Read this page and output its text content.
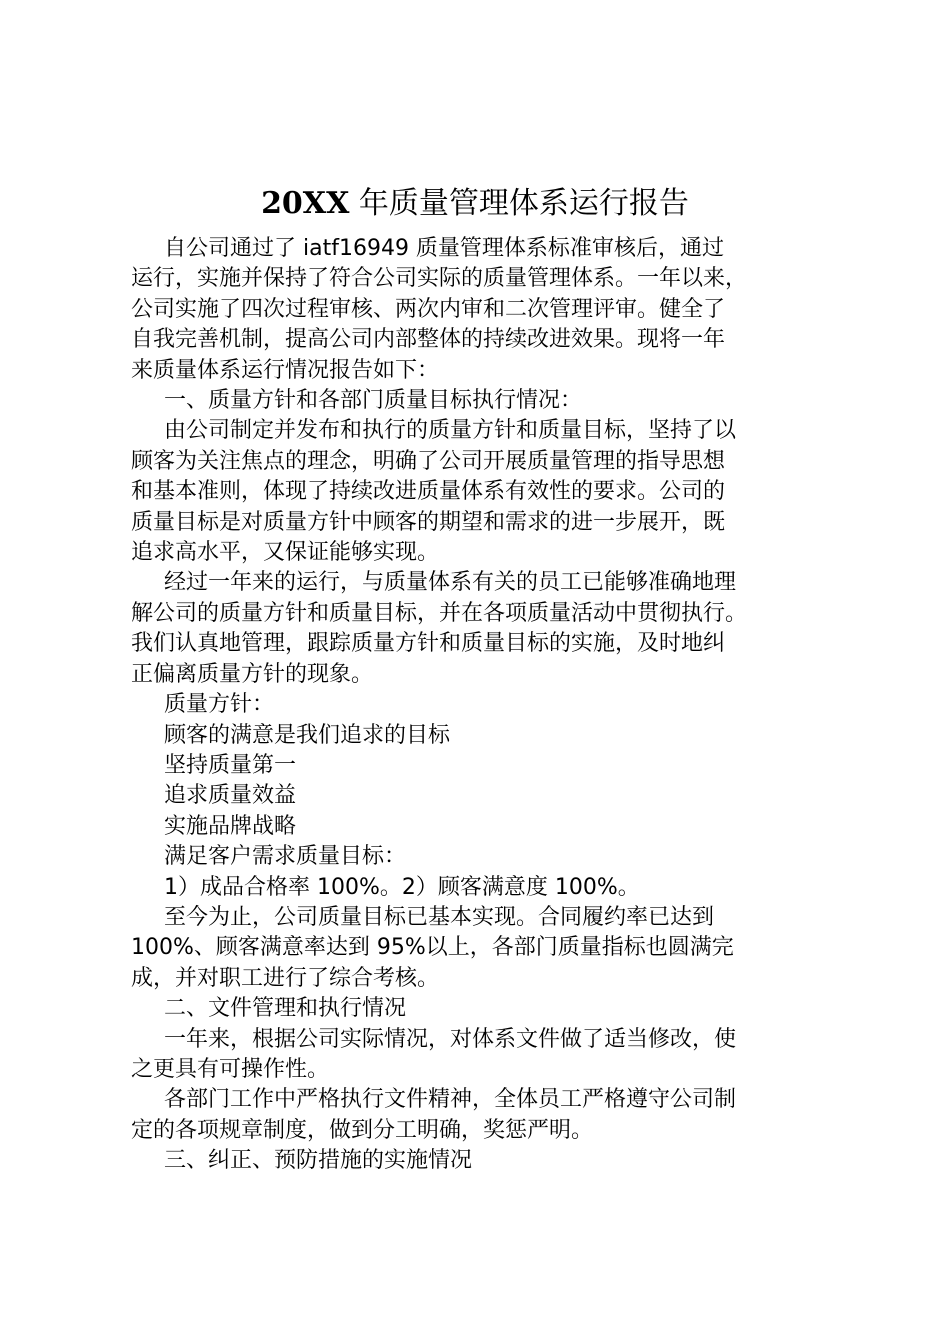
20XX 年质量管理体系运行报告

自公司通过了 iatf16949 质量管理体系标准审核后，通过
运行，实施并保持了符合公司实际的质量管理体系。一年以来，
公司实施了四次过程审核、两次内审和二次管理评审。健全了
自我完善机制，提高公司内部整体的持续改进效果。现将一年
来质量体系运行情况报告如下：

一、质量方针和各部门质量目标执行情况：

由公司制定并发布和执行的质量方针和质量目标，坚持了以
顾客为关注焦点的理念，明确了公司开展质量管理的指导思想
和基本准则，体现了持续改进质量体系有效性的要求。公司的
质量目标是对质量方针中顾客的期望和需求的进一步展开，既
追求高水平，又保证能够实现。

经过一年来的运行，与质量体系有关的员工已能够准确地理
解公司的质量方针和质量目标，并在各项质量活动中贯彻执行。
我们认真地管理，跟踪质量方针和质量目标的实施，及时地纠
正偏离质量方针的现象。

质量方针：

顾客的满意是我们追求的目标

坚持质量第一

追求质量效益

实施品牌战略

满足客户需求质量目标：

1）成品合格率 100%。2）顾客满意度 100%。

至今为止，公司质量目标已基本实现。合同履约率已达到
100%、顾客满意率达到 95%以上，各部门质量指标也圆满完
成，并对职工进行了综合考核。

二、文件管理和执行情况

一年来，根据公司实际情况，对体系文件做了适当修改，使
之更具有可操作性。

各部门工作中严格执行文件精神，全体员工严格遵守公司制
定的各项规章制度，做到分工明确，奖惩严明。

三、纠正、预防措施的实施情况
